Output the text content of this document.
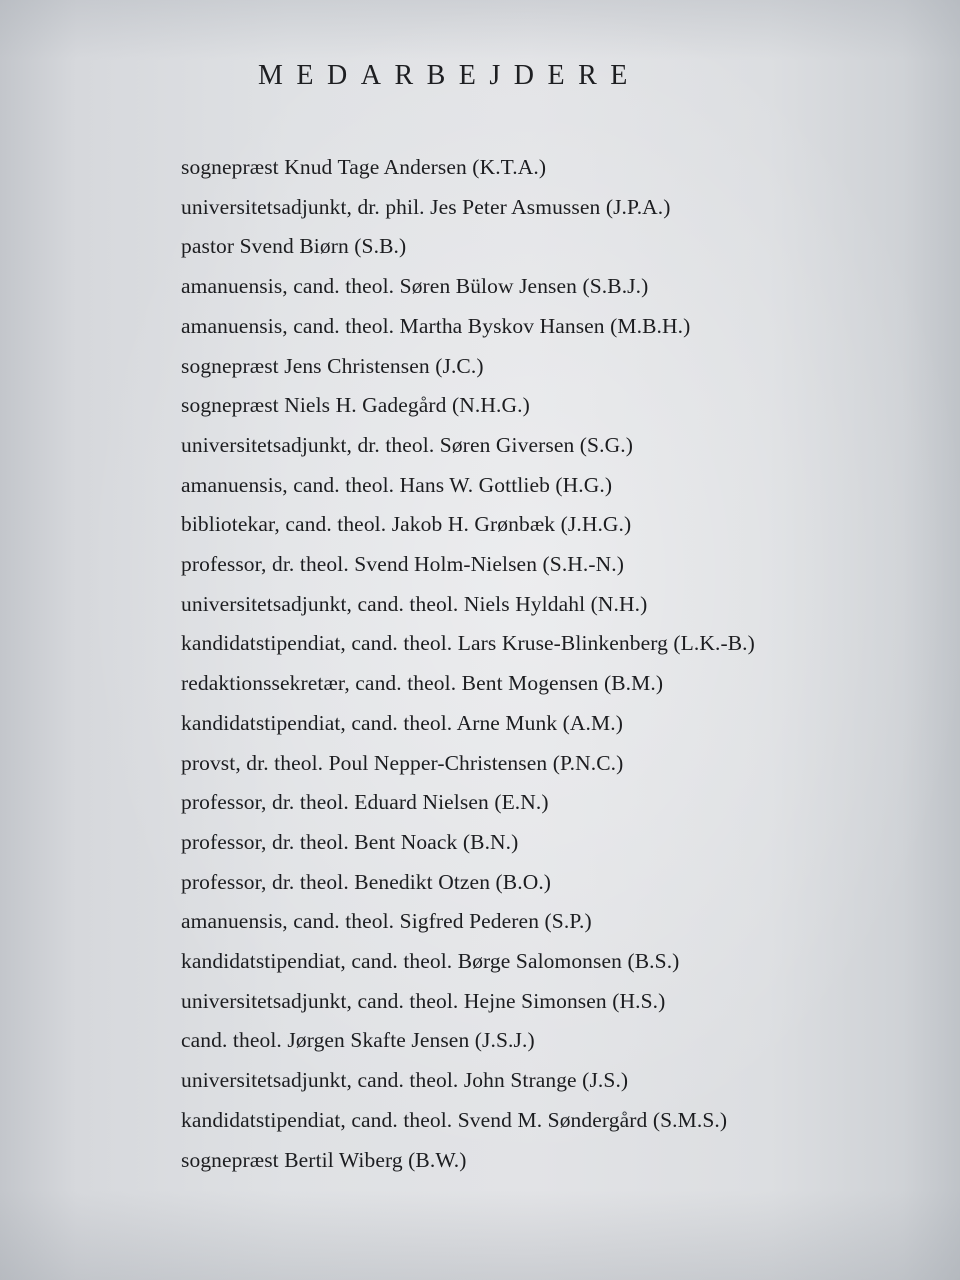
MEDARBEJDERE
sognepræst Knud Tage Andersen (K.T.A.)
universitetsadjunkt, dr. phil. Jes Peter Asmussen (J.P.A.)
pastor Svend Biørn (S.B.)
amanuensis, cand. theol. Søren Bülow Jensen (S.B.J.)
amanuensis, cand. theol. Martha Byskov Hansen (M.B.H.)
sognepræst Jens Christensen (J.C.)
sognepræst Niels H. Gadegård (N.H.G.)
universitetsadjunkt, dr. theol. Søren Giversen (S.G.)
amanuensis, cand. theol. Hans W. Gottlieb (H.G.)
bibliotekar, cand. theol. Jakob H. Grønbæk (J.H.G.)
professor, dr. theol. Svend Holm-Nielsen (S.H.-N.)
universitetsadjunkt, cand. theol. Niels Hyldahl (N.H.)
kandidatstipendiat, cand. theol. Lars Kruse-Blinkenberg (L.K.-B.)
redaktionssekretær, cand. theol. Bent Mogensen (B.M.)
kandidatstipendiat, cand. theol. Arne Munk (A.M.)
provst, dr. theol. Poul Nepper-Christensen (P.N.C.)
professor, dr. theol. Eduard Nielsen (E.N.)
professor, dr. theol. Bent Noack (B.N.)
professor, dr. theol. Benedikt Otzen (B.O.)
amanuensis, cand. theol. Sigfred Pederen (S.P.)
kandidatstipendiat, cand. theol. Børge Salomonsen (B.S.)
universitetsadjunkt, cand. theol. Hejne Simonsen (H.S.)
cand. theol. Jørgen Skafte Jensen (J.S.J.)
universitetsadjunkt, cand. theol. John Strange (J.S.)
kandidatstipendiat, cand. theol. Svend M. Søndergård (S.M.S.)
sognepræst Bertil Wiberg (B.W.)
